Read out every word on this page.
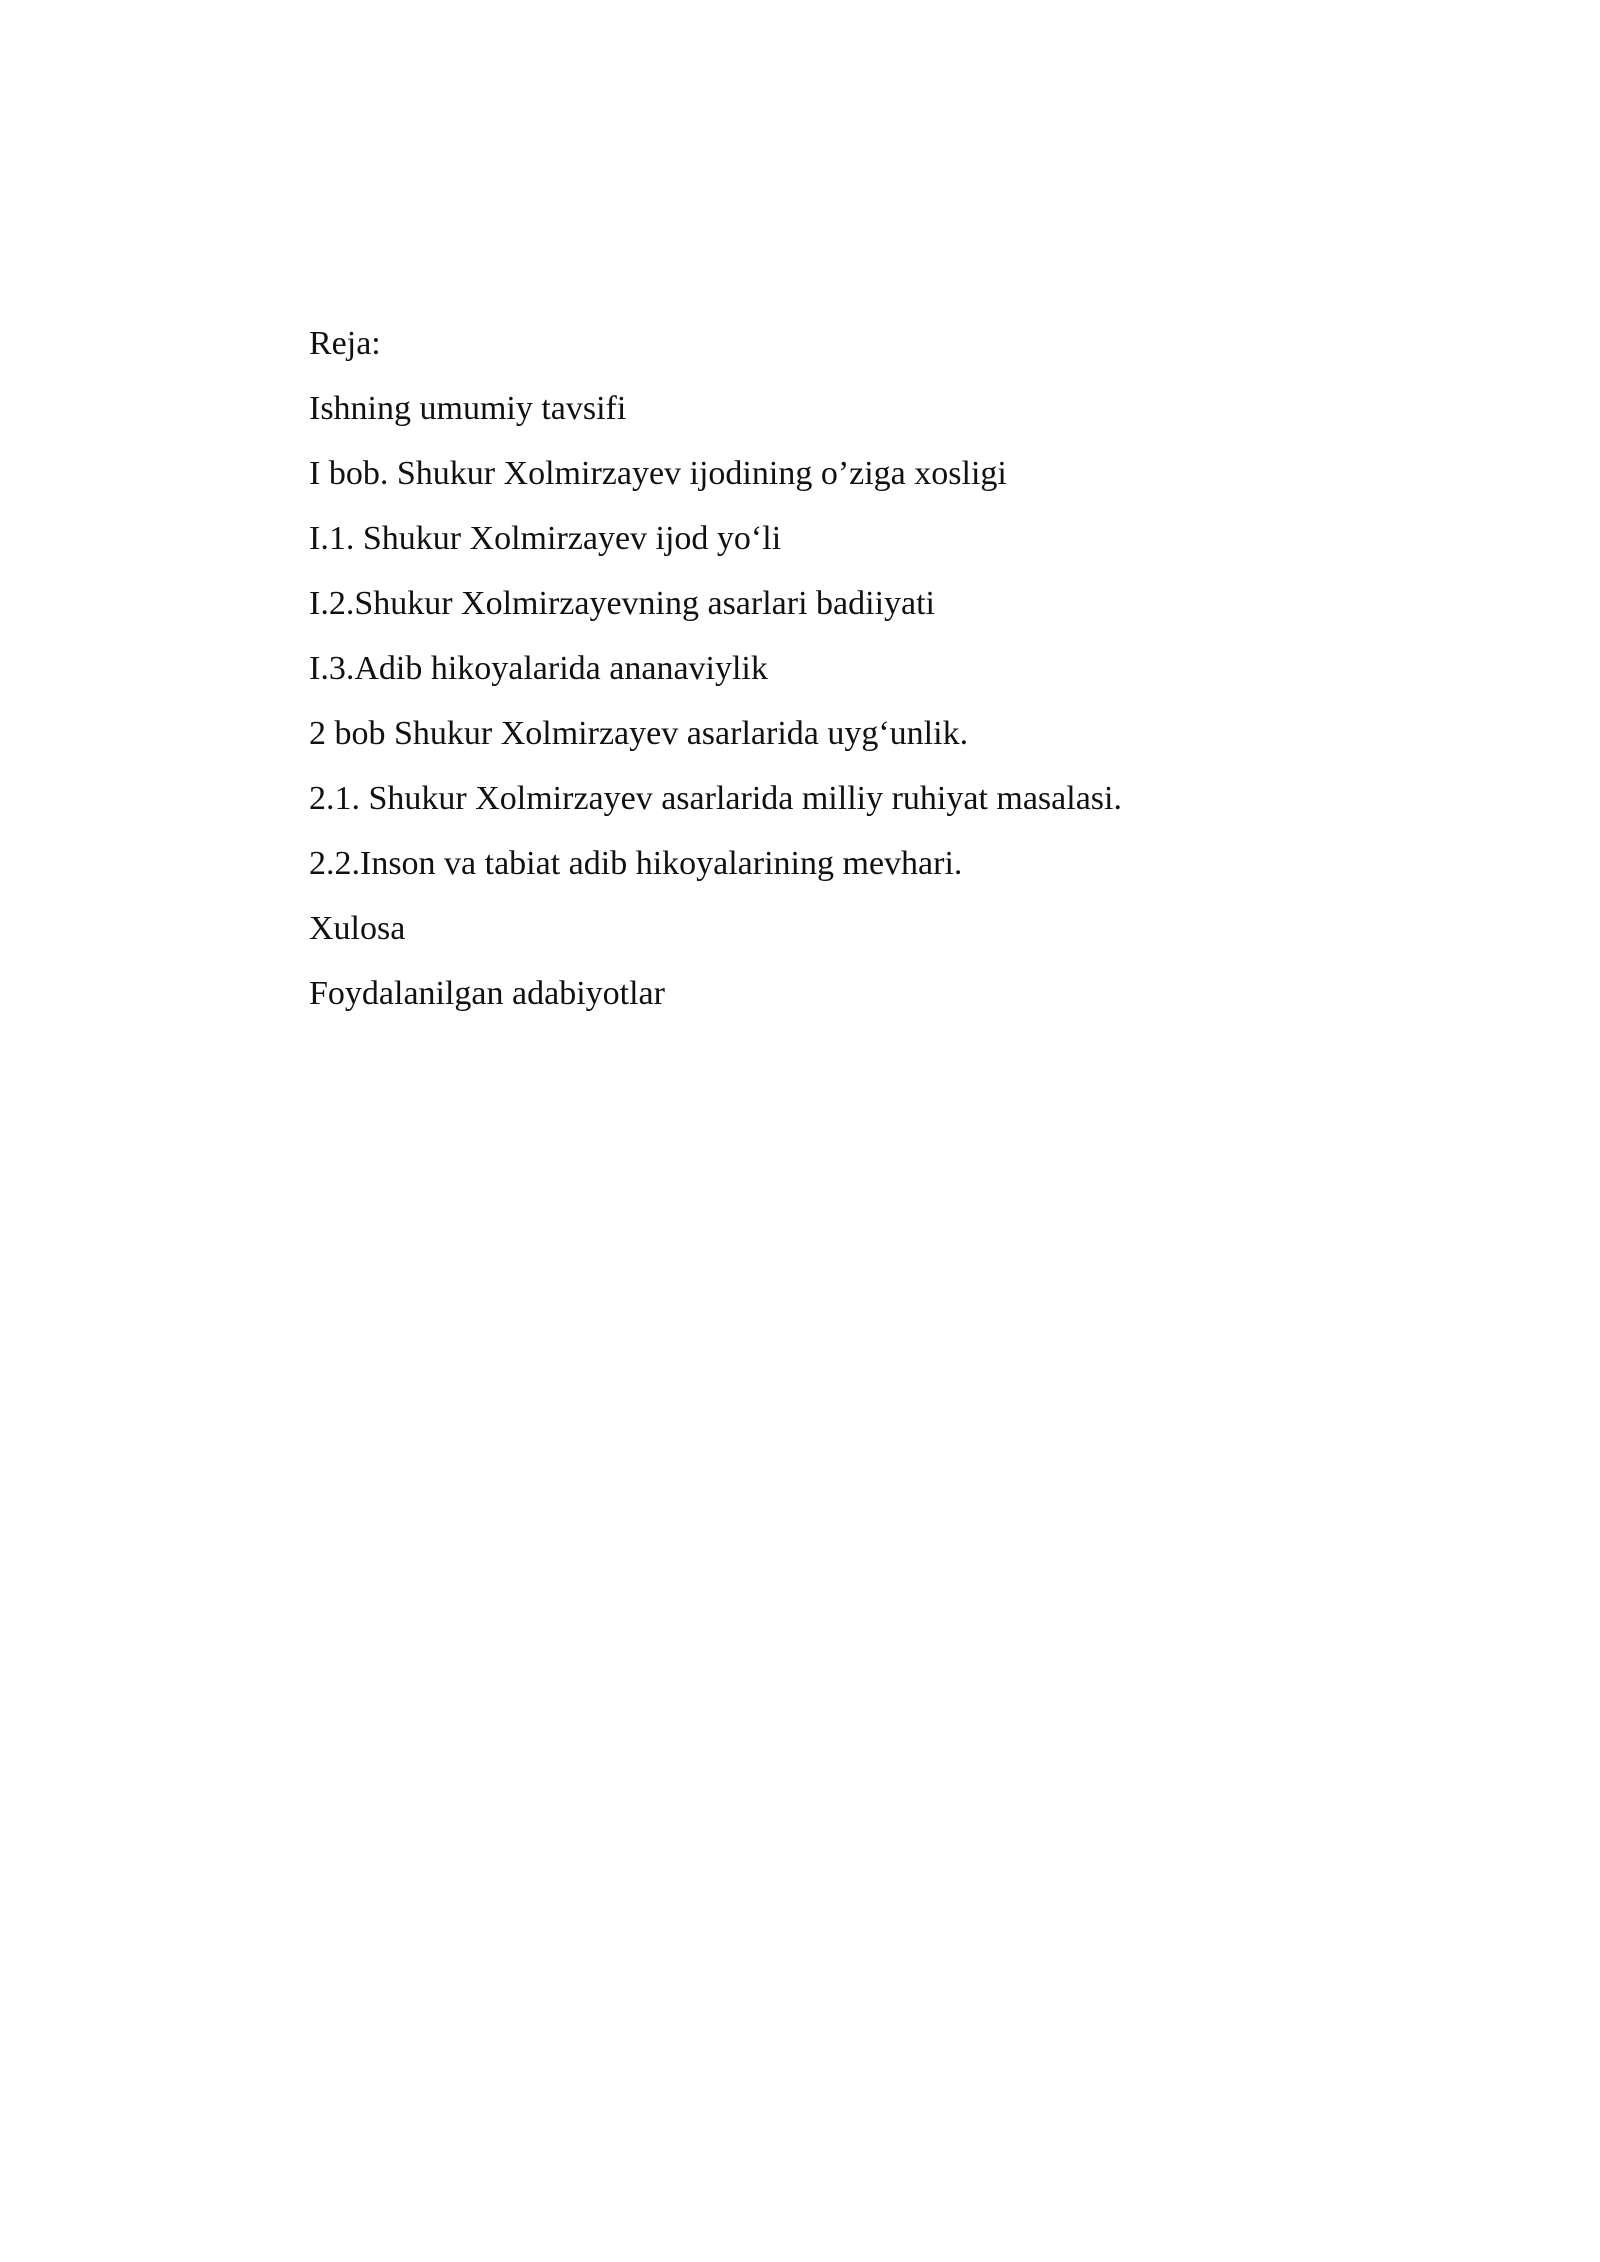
Reja:
Ishning umumiy tavsifi
I bob. Shukur Xolmirzayev ijodining o’ziga xosligi
I.1. Shukur Xolmirzayev ijod yo‘li
I.2.Shukur Xolmirzayevning asarlari badiiyati
I.3.Adib hikoyalarida ananaviylik
2 bob Shukur Xolmirzayev asarlarida uyg‘unlik.
2.1. Shukur Xolmirzayev asarlarida milliy ruhiyat masalasi.
2.2.Inson va tabiat adib hikoyalarining mevhari.
Xulosa
Foydalanilgan adabiyotlar
